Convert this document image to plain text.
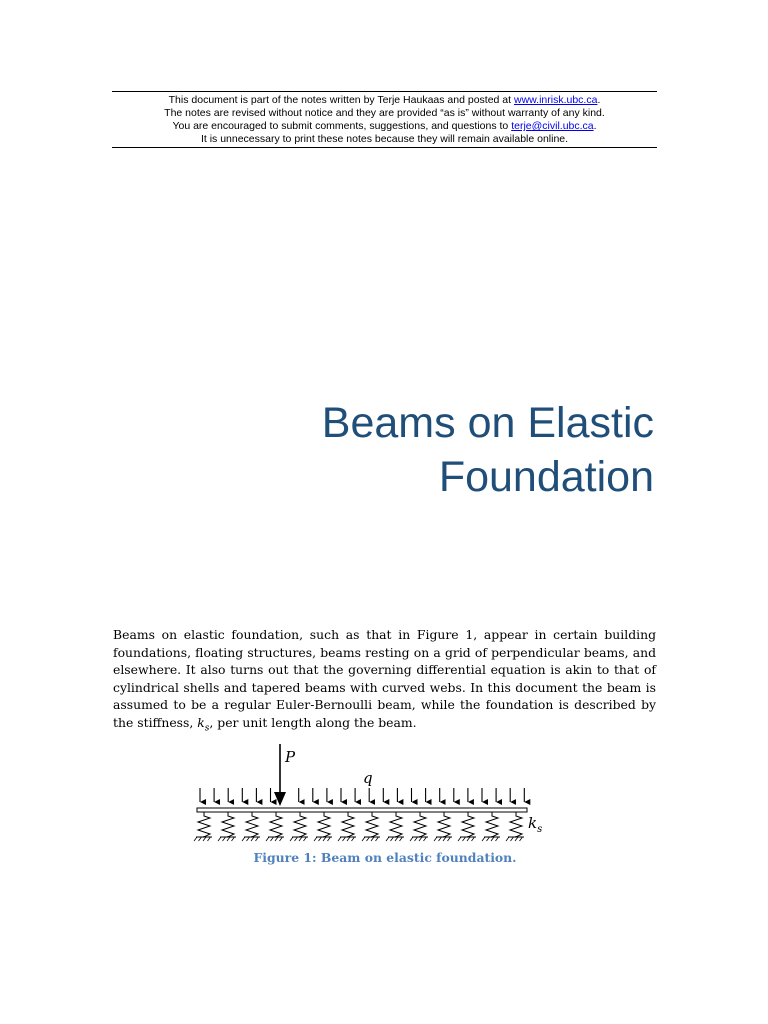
This document is part of the notes written by Terje Haukaas and posted at www.inrisk.ubc.ca.
The notes are revised without notice and they are provided “as is” without warranty of any kind.
You are encouraged to submit comments, suggestions, and questions to terje@civil.ubc.ca.
It is unnecessary to print these notes because they will remain available online.
Beams on Elastic
Foundation
Beams on elastic foundation, such as that in Figure 1, appear in certain building foundations, floating structures, beams resting on a grid of perpendicular beams, and elsewhere. It also turns out that the governing differential equation is akin to that of cylindrical shells and tapered beams with curved webs. In this document the beam is assumed to be a regular Euler-Bernoulli beam, while the foundation is described by the stiffness, $k_s$, per unit length along the beam.
P
q
$k_s$
Figure 1: Beam on elastic foundation.
